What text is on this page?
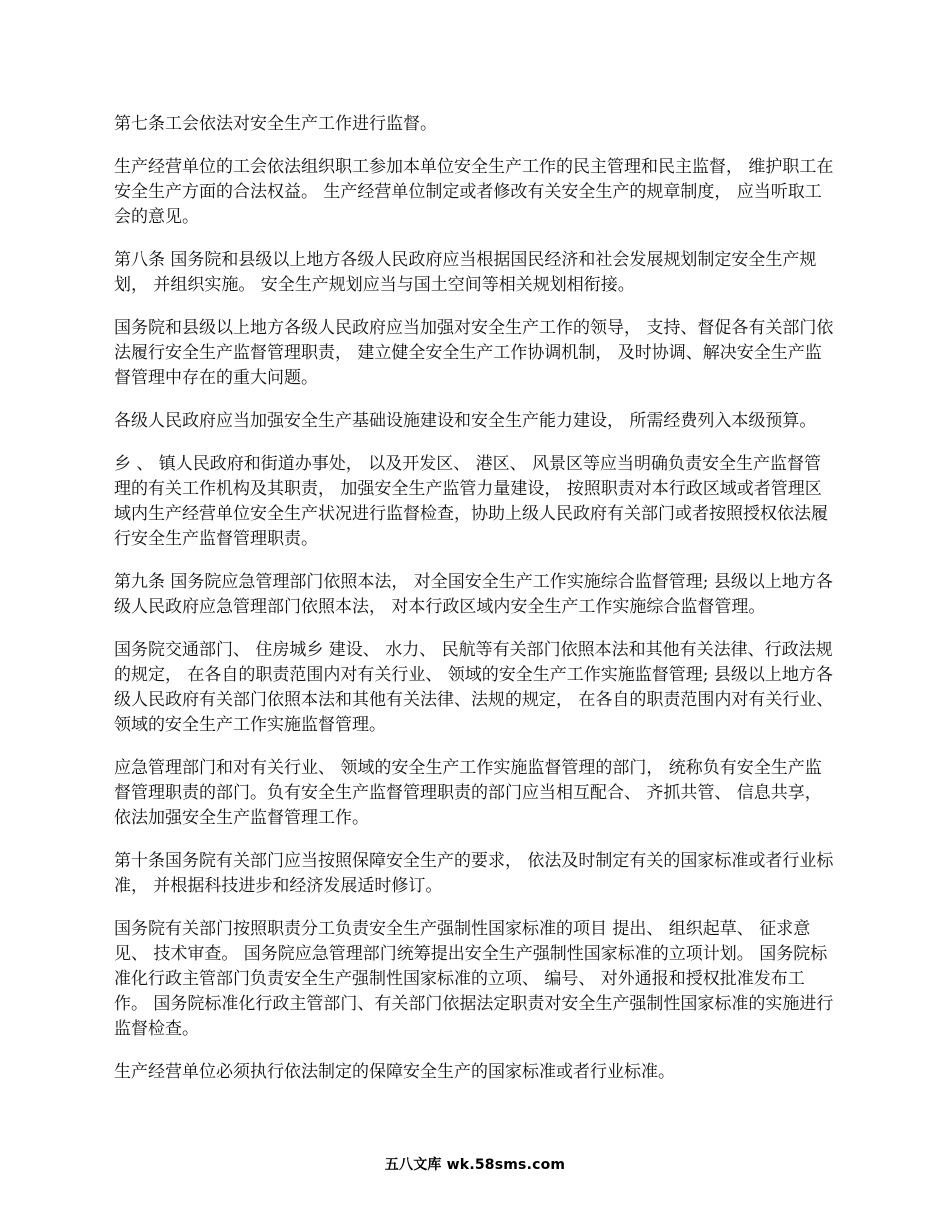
第七条工会依法对安全生产工作进行监督。

生产经营单位的工会依法组织职工参加本单位安全生产工作的民主管理和民主监督， 维护职工在安全生产方面的合法权益。 生产经营单位制定或者修改有关安全生产的规章制度， 应当听取工会的意见。

第八条 国务院和县级以上地方各级人民政府应当根据国民经济和社会发展规划制定安全生产规划， 并组织实施。 安全生产规划应当与国土空间等相关规划相衔接。

国务院和县级以上地方各级人民政府应当加强对安全生产工作的领导， 支持、督促各有关部门依法履行安全生产监督管理职责， 建立健全安全生产工作协调机制， 及时协调、解决安全生产监督管理中存在的重大问题。

各级人民政府应当加强安全生产基础设施建设和安全生产能力建设， 所需经费列入本级预算。

乡 、 镇人民政府和街道办事处， 以及开发区、 港区、 风景区等应当明确负责安全生产监督管理的有关工作机构及其职责， 加强安全生产监管力量建设， 按照职责对本行政区域或者管理区域内生产经营单位安全生产状况进行监督检查，协助上级人民政府有关部门或者按照授权依法履行安全生产监督管理职责。

第九条 国务院应急管理部门依照本法， 对全国安全生产工作实施综合监督管理; 县级以上地方各级人民政府应急管理部门依照本法， 对本行政区域内安全生产工作实施综合监督管理。

国务院交通部门、 住房城乡 建设、 水力、 民航等有关部门依照本法和其他有关法律、行政法规的规定， 在各自的职责范围内对有关行业、 领域的安全生产工作实施监督管理; 县级以上地方各级人民政府有关部门依照本法和其他有关法律、法规的规定， 在各自的职责范围内对有关行业、 领域的安全生产工作实施监督管理。

应急管理部门和对有关行业、 领域的安全生产工作实施监督管理的部门， 统称负有安全生产监督管理职责的部门。负有安全生产监督管理职责的部门应当相互配合、 齐抓共管、 信息共享， 依法加强安全生产监督管理工作。

第十条国务院有关部门应当按照保障安全生产的要求， 依法及时制定有关的国家标准或者行业标准， 并根据科技进步和经济发展适时修订。

国务院有关部门按照职责分工负责安全生产强制性国家标准的项目 提出、 组织起草、 征求意见、 技术审查。 国务院应急管理部门统筹提出安全生产强制性国家标准的立项计划。 国务院标准化行政主管部门负责安全生产强制性国家标准的立项、 编号、 对外通报和授权批准发布工作。 国务院标准化行政主管部门、有关部门依据法定职责对安全生产强制性国家标准的实施进行监督检查。

生产经营单位必须执行依法制定的保障安全生产的国家标准或者行业标准。

五八文库 wk.58sms.com
